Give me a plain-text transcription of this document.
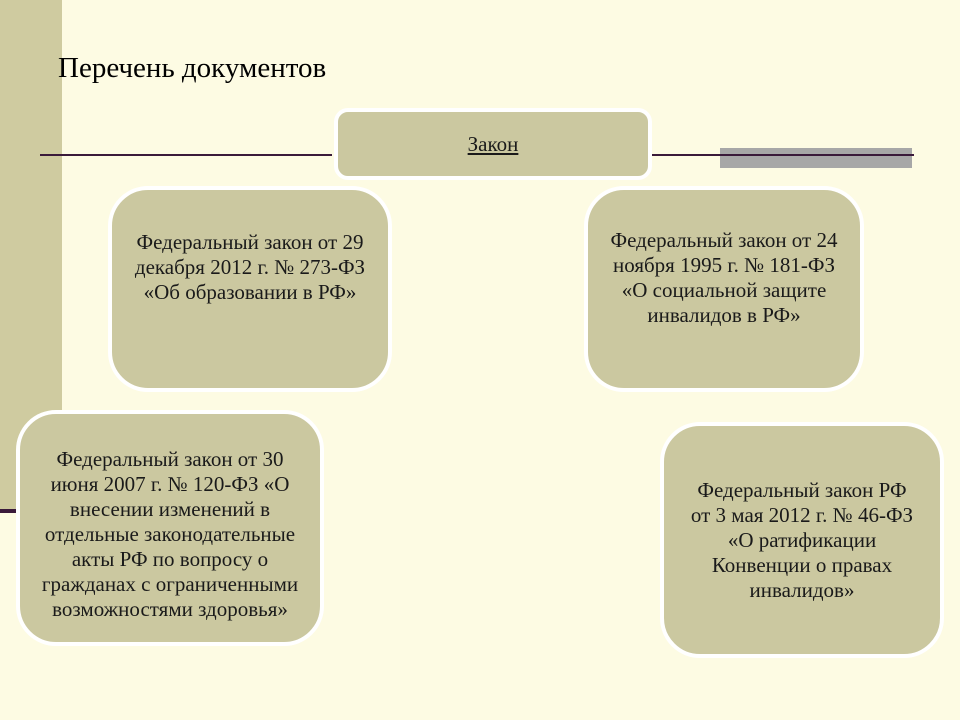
Перечень документов
Закон
Федеральный закон от 29 декабря 2012 г. № 273-ФЗ «Об образовании в РФ»
Федеральный закон от 24 ноября 1995 г. № 181-ФЗ «О социальной защите инвалидов в РФ»
Федеральный закон от 30 июня 2007 г. № 120-ФЗ «О внесении изменений в отдельные законодательные акты РФ по вопросу о гражданах с ограниченными возможностями здоровья»
Федеральный закон РФ от 3 мая 2012 г. № 46-ФЗ «О ратификации Конвенции о правах инвалидов»
